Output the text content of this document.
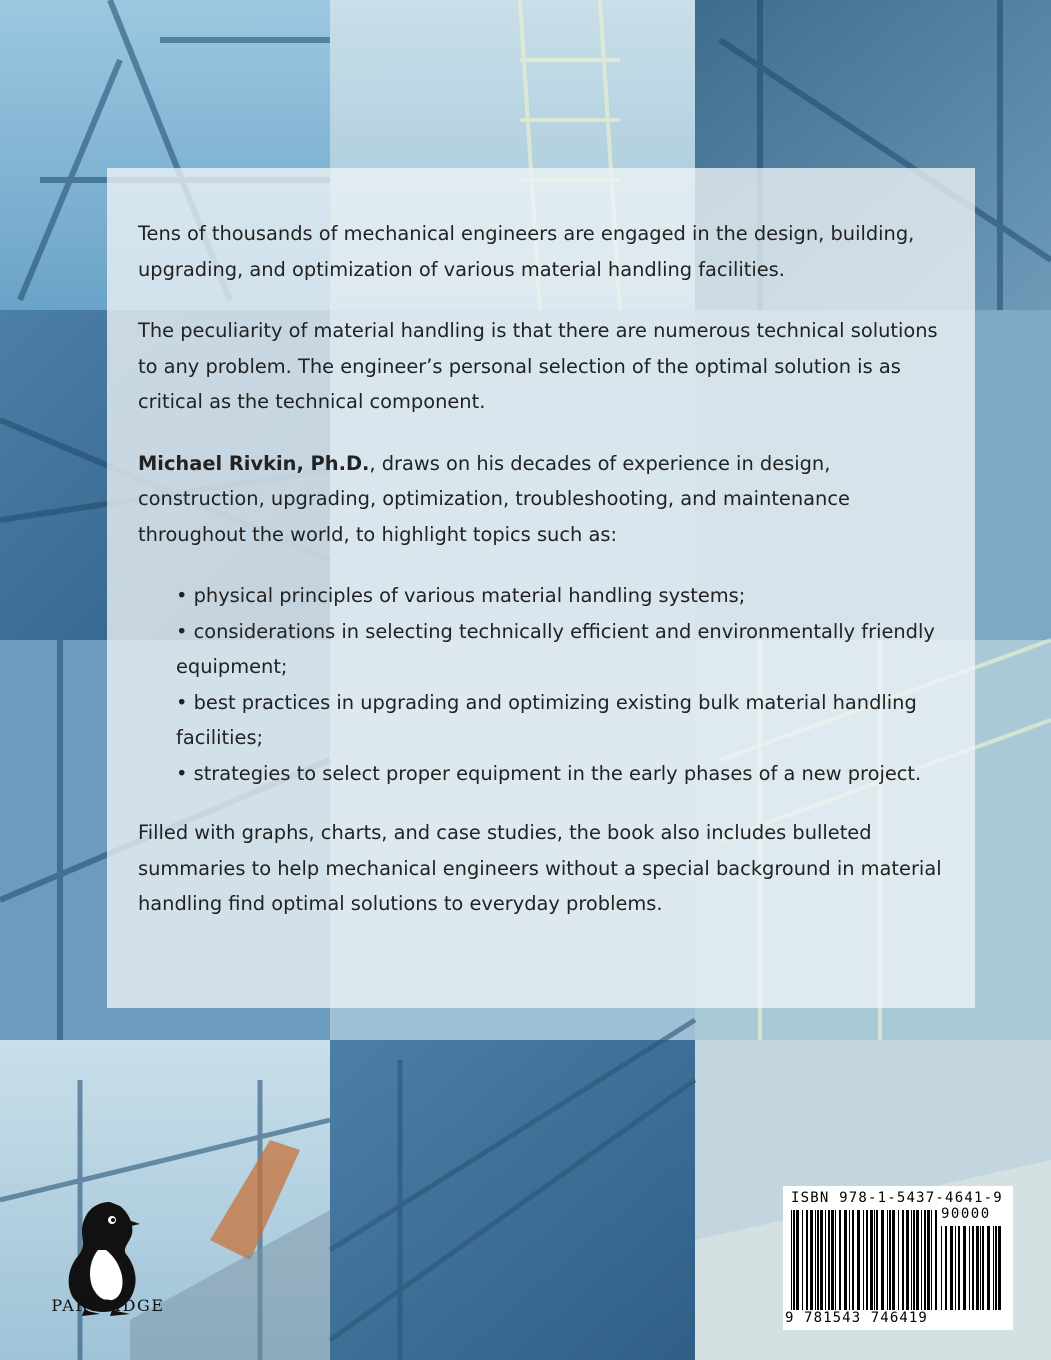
Tens of thousands of mechanical engineers are engaged in the design, building, upgrading, and optimization of various material handling facilities.

The peculiarity of material handling is that there are numerous technical solutions to any problem. The engineer’s personal selection of the optimal solution is as critical as the technical component.

Michael Rivkin, Ph.D., draws on his decades of experience in design, construction, upgrading, optimization, troubleshooting, and maintenance throughout the world, to highlight topics such as:

• physical principles of various material handling systems;
• considerations in selecting technically efficient and environmentally friendly equipment;
• best practices in upgrading and optimizing existing bulk material handling facilities;
• strategies to select proper equipment in the early phases of a new project.

Filled with graphs, charts, and case studies, the book also includes bulleted summaries to help mechanical engineers without a special background in material handling find optimal solutions to everyday problems.

PARTRIDGE
ISBN 978-1-5437-4641-9
90000
9 781543 746419
